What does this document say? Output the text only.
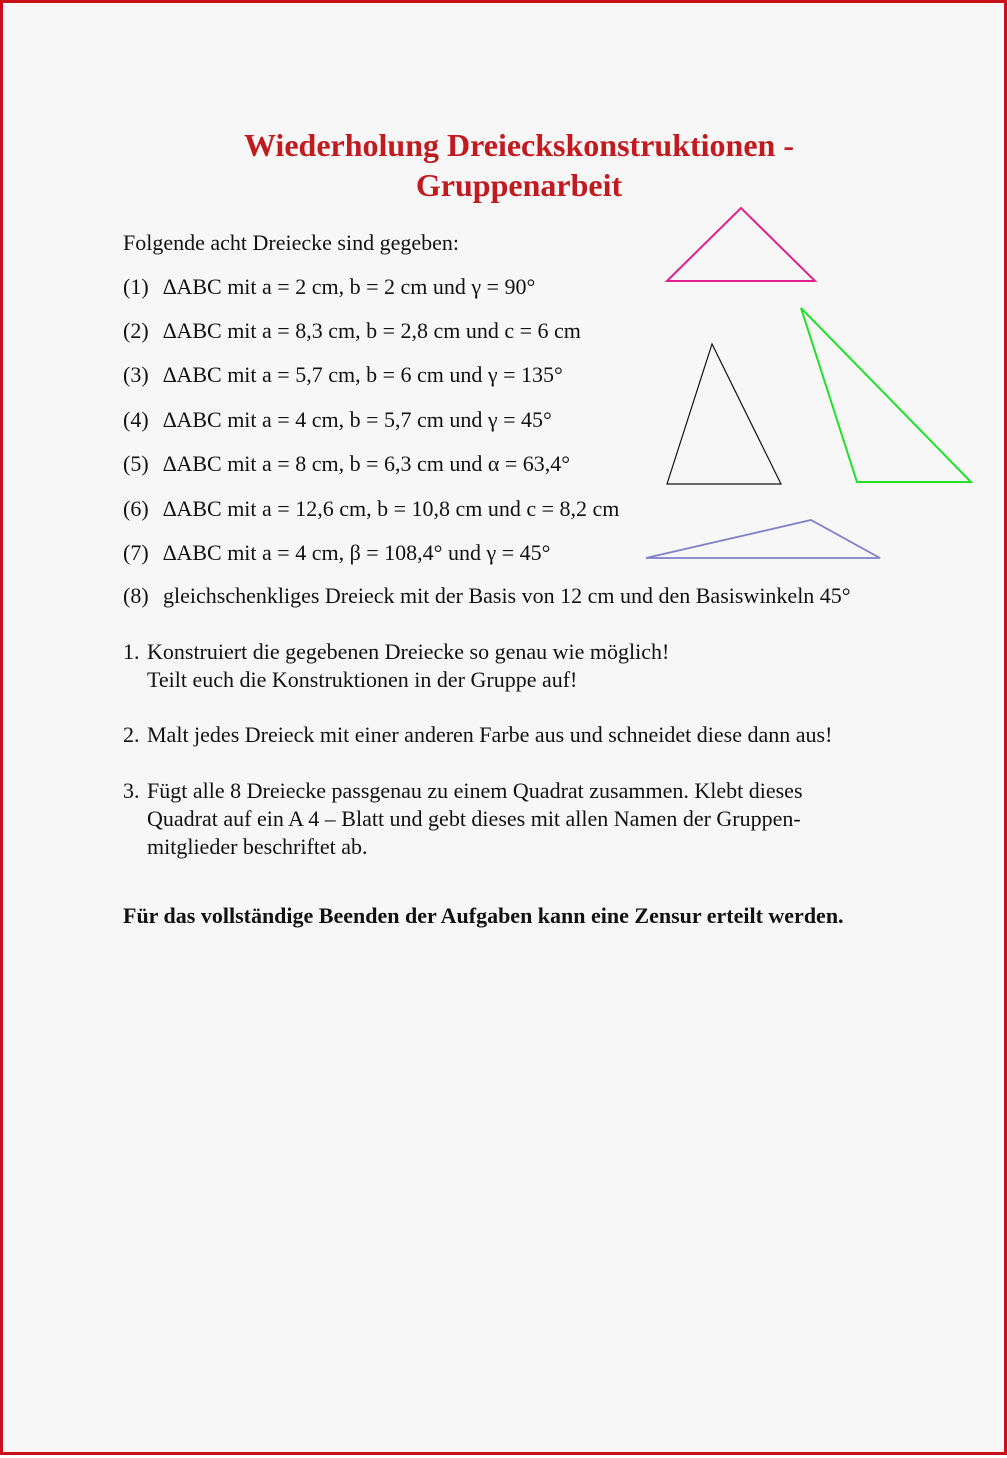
Wiederholung Dreieckskonstruktionen -
Gruppenarbeit
Folgende acht Dreiecke sind gegeben:
(1) ∆ABC mit a = 2 cm, b = 2 cm und γ = 90°
(2) ∆ABC mit a = 8,3 cm, b = 2,8 cm und c = 6 cm
(3) ∆ABC mit a = 5,7 cm, b = 6 cm und γ = 135°
(4) ∆ABC mit a = 4 cm, b = 5,7 cm und γ = 45°
(5) ∆ABC mit a = 8 cm, b = 6,3 cm und α = 63,4°
(6) ∆ABC mit a = 12,6 cm, b = 10,8 cm und c = 8,2 cm
(7) ∆ABC mit a = 4 cm, β = 108,4° und γ = 45°
(8) gleichschenkliges Dreieck mit der Basis von 12 cm und den Basiswinkeln 45°
1. Konstruiert die gegebenen Dreiecke so genau wie möglich!
Teilt euch die Konstruktionen in der Gruppe auf!
2. Malt jedes Dreieck mit einer anderen Farbe aus und schneidet diese dann aus!
3. Fügt alle 8 Dreiecke passgenau zu einem Quadrat zusammen. Klebt dieses
Quadrat auf ein A 4 – Blatt und gebt dieses mit allen Namen der Gruppen-
mitglieder beschriftet ab.
Für das vollständige Beenden der Aufgaben kann eine Zensur erteilt werden.
